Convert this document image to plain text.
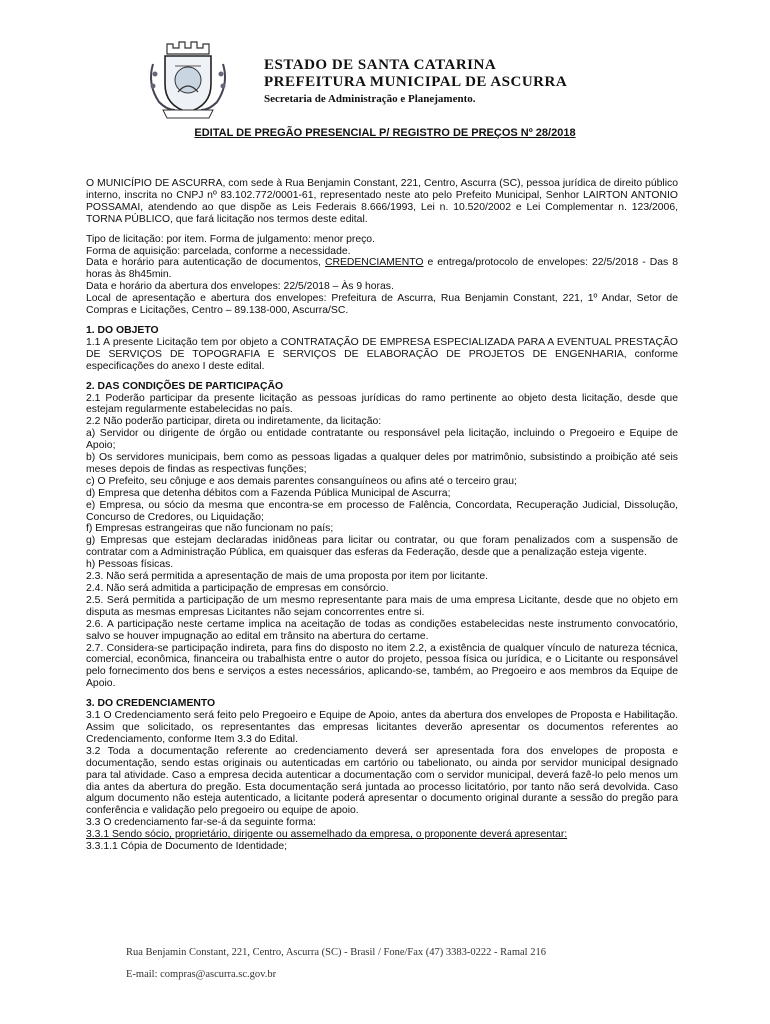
ESTADO DE SANTA CATARINA
PREFEITURA MUNICIPAL DE ASCURRA
Secretaria de Administração e Planejamento.
EDITAL DE PREGÃO PRESENCIAL P/ REGISTRO DE PREÇOS Nº 28/2018

O MUNICÍPIO DE ASCURRA, com sede à Rua Benjamin Constant, 221, Centro, Ascurra (SC), pessoa jurídica de direito público interno, inscrita no CNPJ nº 83.102.772/0001-61, representado neste ato pelo Prefeito Municipal, Senhor LAIRTON ANTONIO POSSAMAI, atendendo ao que dispõe as Leis Federais 8.666/1993, Lei n. 10.520/2002 e Lei Complementar n. 123/2006, TORNA PÚBLICO, que fará licitação nos termos deste edital.

Tipo de licitação: por item. Forma de julgamento: menor preço.

Forma de aquisição: parcelada, conforme a necessidade.

Data e horário para autenticação de documentos, CREDENCIAMENTO e entrega/protocolo de envelopes: 22/5/2018 - Das 8 horas às 8h45min.

Data e horário da abertura dos envelopes: 22/5/2018 – Às 9 horas.

Local de apresentação e abertura dos envelopes: Prefeitura de Ascurra, Rua Benjamin Constant, 221, 1º Andar, Setor de Compras e Licitações, Centro – 89.138-000, Ascurra/SC.

1. DO OBJETO

1.1 A presente Licitação tem por objeto a CONTRATAÇÃO DE EMPRESA ESPECIALIZADA PARA A EVENTUAL PRESTAÇÃO DE SERVIÇOS DE TOPOGRAFIA E SERVIÇOS DE ELABORAÇÃO DE PROJETOS DE ENGENHARIA, conforme especificações do anexo I deste edital.

2. DAS CONDIÇÕES DE PARTICIPAÇÃO

2.1 Poderão participar da presente licitação as pessoas jurídicas do ramo pertinente ao objeto desta licitação, desde que estejam regularmente estabelecidas no país.

2.2 Não poderão participar, direta ou indiretamente, da licitação:

a) Servidor ou dirigente de órgão ou entidade contratante ou responsável pela licitação, incluindo o Pregoeiro e Equipe de Apoio;

b) Os servidores municipais, bem como as pessoas ligadas a qualquer deles por matrimônio, subsistindo a proibição até seis meses depois de findas as respectivas funções;

c) O Prefeito, seu cônjuge e aos demais parentes consanguíneos ou afins até o terceiro grau;

d) Empresa que detenha débitos com a Fazenda Pública Municipal de Ascurra;

e) Empresa, ou sócio da mesma que encontra-se em processo de Falência, Concordata, Recuperação Judicial, Dissolução, Concurso de Credores, ou Liquidação;

f) Empresas estrangeiras que não funcionam no país;

g) Empresas que estejam declaradas inidôneas para licitar ou contratar, ou que foram penalizados com a suspensão de contratar com a Administração Pública, em quaisquer das esferas da Federação, desde que a penalização esteja vigente.

h) Pessoas físicas.

2.3. Não será permitida a apresentação de mais de uma proposta por item por licitante.

2.4. Não será admitida a participação de empresas em consórcio.

2.5. Será permitida a participação de um mesmo representante para mais de uma empresa Licitante, desde que no objeto em disputa as mesmas empresas Licitantes não sejam concorrentes entre si.

2.6. A participação neste certame implica na aceitação de todas as condições estabelecidas neste instrumento convocatório, salvo se houver impugnação ao edital em trânsito na abertura do certame.

2.7. Considera-se participação indireta, para fins do disposto no item 2.2, a existência de qualquer vínculo de natureza técnica, comercial, econômica, financeira ou trabalhista entre o autor do projeto, pessoa física ou jurídica, e o Licitante ou responsável pelo fornecimento dos bens e serviços a estes necessários, aplicando-se, também, ao Pregoeiro e aos membros da Equipe de Apoio.

3. DO CREDENCIAMENTO

3.1 O Credenciamento será feito pelo Pregoeiro e Equipe de Apoio, antes da abertura dos envelopes de Proposta e Habilitação. Assim que solicitado, os representantes das empresas licitantes deverão apresentar os documentos referentes ao Credenciamento, conforme Item 3.3 do Edital.

3.2 Toda a documentação referente ao credenciamento deverá ser apresentada fora dos envelopes de proposta e documentação, sendo estas originais ou autenticadas em cartório ou tabelionato, ou ainda por servidor municipal designado para tal atividade. Caso a empresa decida autenticar a documentação com o servidor municipal, deverá fazê-lo pelo menos um dia antes da abertura do pregão. Esta documentação será juntada ao processo licitatório, por tanto não será devolvida. Caso algum documento não esteja autenticado, a licitante poderá apresentar o documento original durante a sessão do pregão para conferência e validação pelo pregoeiro ou equipe de apoio.

3.3 O credenciamento far-se-á da seguinte forma:

3.3.1 Sendo sócio, proprietário, dirigente ou assemelhado da empresa, o proponente deverá apresentar:

3.3.1.1 Cópia de Documento de Identidade;

Rua Benjamin Constant, 221, Centro, Ascurra (SC) - Brasil / Fone/Fax (47) 3383-0222 - Ramal 216
E-mail: compras@ascurra.sc.gov.br
